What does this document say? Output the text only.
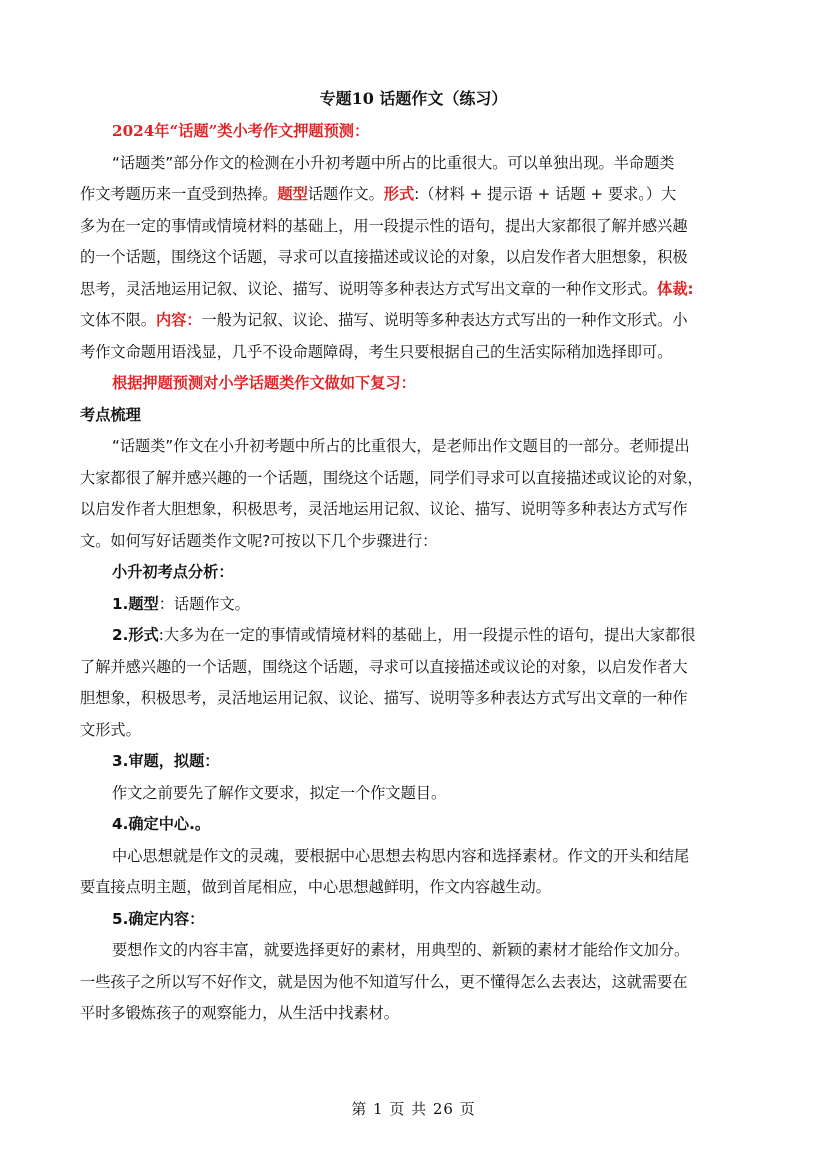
专题10 话题作文（练习）
2024年“话题”类小考作文押题预测：
“话题类”部分作文的检测在小升初考题中所占的比重很大。可以单独出现。半命题类
作文考题历来一直受到热捧。题型话题作文。形式:（材料 + 提示语 + 话题 + 要求。）大
多为在一定的事情或情境材料的基础上，用一段提示性的语句，提出大家都很了解并感兴趣
的一个话题，围绕这个话题，寻求可以直接描述或议论的对象，以启发作者大胆想象，积极
思考，灵活地运用记叙、议论、描写、说明等多种表达方式写出文章的一种作文形式。体裁:
文体不限。内容：一般为记叙、议论、描写、说明等多种表达方式写出的一种作文形式。小
考作文命题用语浅显，几乎不设命题障碍，考生只要根据自己的生活实际稍加选择即可。
根据押题预测对小学话题类作文做如下复习：
考点梳理
“话题类”作文在小升初考题中所占的比重很大，是老师出作文题目的一部分。老师提出
大家都很了解并感兴趣的一个话题，围绕这个话题，同学们寻求可以直接描述或议论的对象，
以启发作者大胆想象，积极思考，灵活地运用记叙、议论、描写、说明等多种表达方式写作
文。如何写好话题类作文呢?可按以下几个步骤进行：
小升初考点分析：
1.题型：话题作文。
2.形式:大多为在一定的事情或情境材料的基础上，用一段提示性的语句，提出大家都很
了解并感兴趣的一个话题，围绕这个话题，寻求可以直接描述或议论的对象，以启发作者大
胆想象，积极思考，灵活地运用记叙、议论、描写、说明等多种表达方式写出文章的一种作
文形式。
3.审题，拟题：
作文之前要先了解作文要求，拟定一个作文题目。
4.确定中心.。
中心思想就是作文的灵魂，要根据中心思想去构思内容和选择素材。作文的开头和结尾
要直接点明主题，做到首尾相应，中心思想越鲜明，作文内容越生动。
5.确定内容：
要想作文的内容丰富，就要选择更好的素材，用典型的、新颖的素材才能给作文加分。
一些孩子之所以写不好作文，就是因为他不知道写什么，更不懂得怎么去表达，这就需要在
平时多锻炼孩子的观察能力，从生活中找素材。
第 1 页 共 26 页
